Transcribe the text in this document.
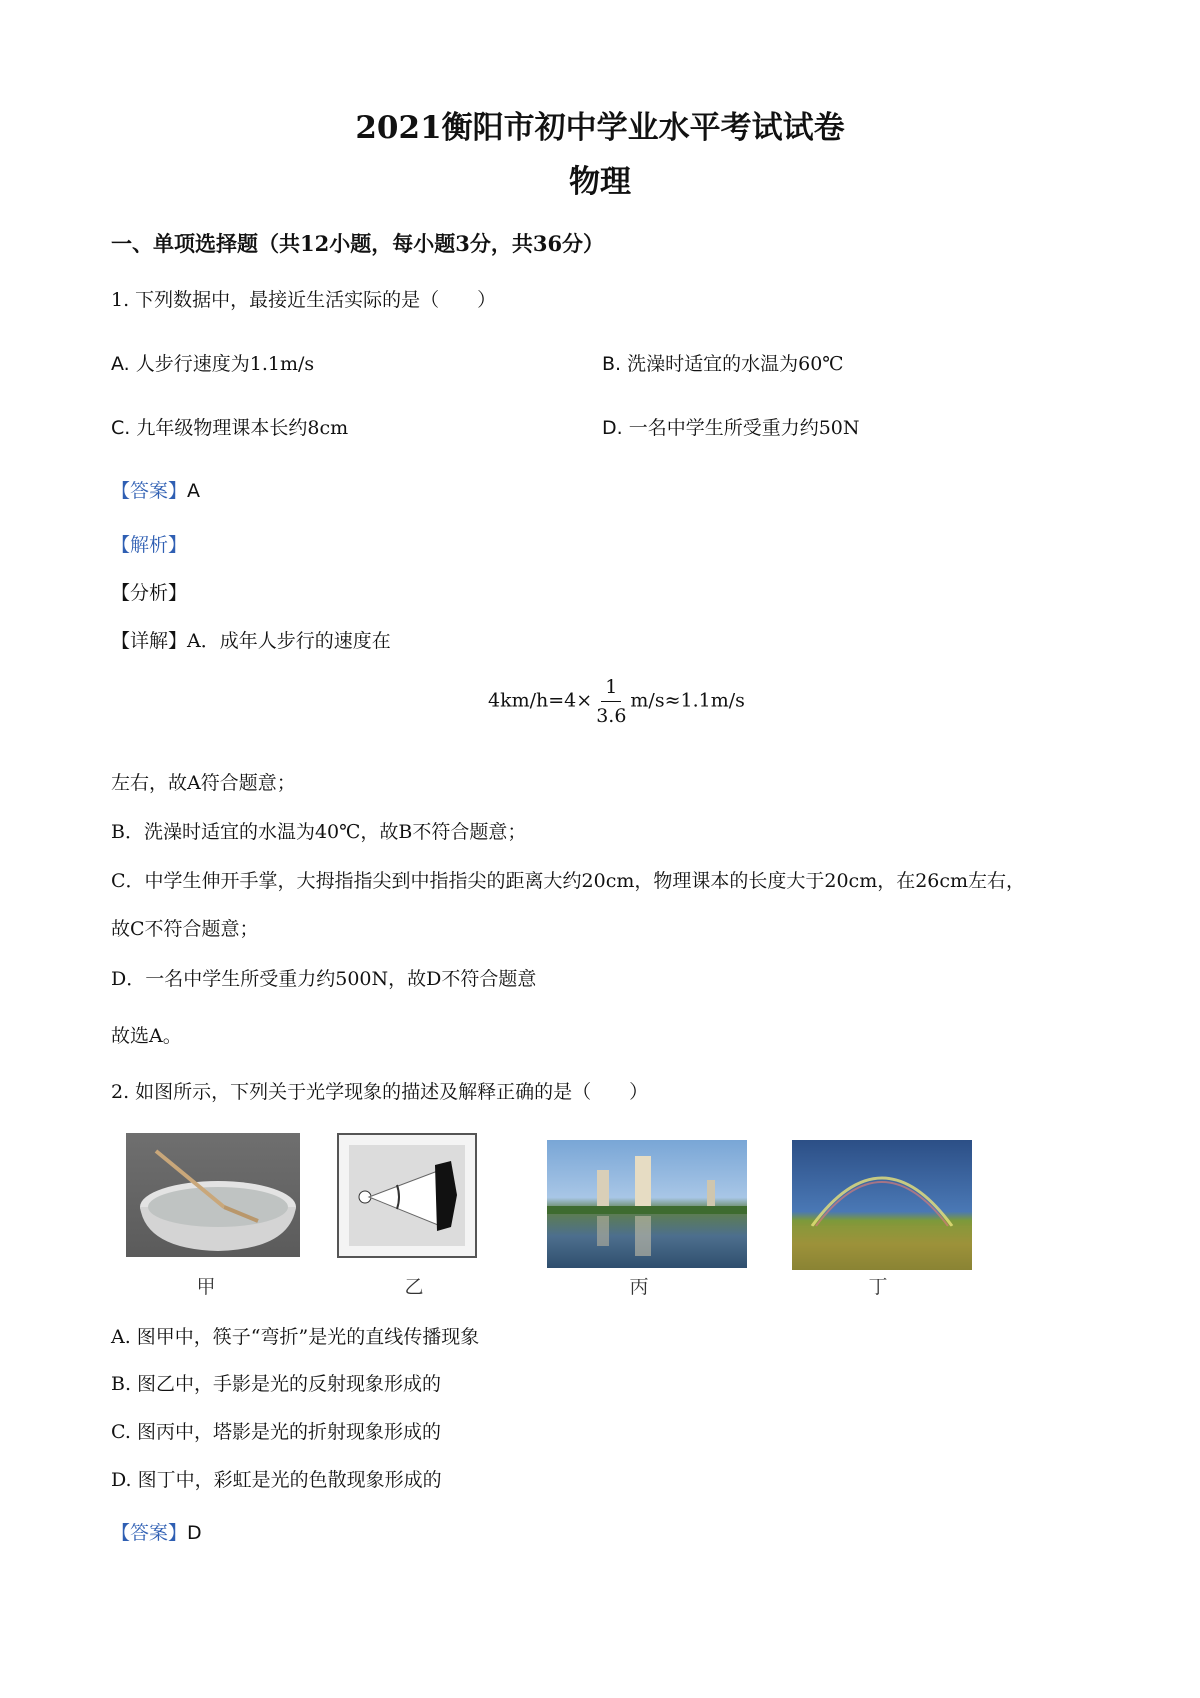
2021衡阳市初中学业水平考试试卷
物理
一、单项选择题（共12小题，每小题3分，共36分）
1. 下列数据中，最接近生活实际的是（　　）
A. 人步行速度为1.1m/s	B. 洗澡时适宜的水温为60℃
C. 九年级物理课本长约8cm	D. 一名中学生所受重力约50N
【答案】A
【解析】
【分析】
【详解】A．成年人步行的速度在
$4km/h=4\times \frac{1}{3.6} m/s\approx 1.1m/s$
左右，故A符合题意；
B．洗澡时适宜的水温为40℃，故B不符合题意；
C．中学生伸开手掌，大拇指指尖到中指指尖的距离大约20cm，物理课本的长度大于20cm，在26cm左右，
故C不符合题意；
D．一名中学生所受重力约500N，故D不符合题意
故选A。
2. 如图所示，下列关于光学现象的描述及解释正确的是（　　）
甲	乙	丙	丁
A. 图甲中，筷子“弯折”是光的直线传播现象
B. 图乙中，手影是光的反射现象形成的
C. 图丙中，塔影是光的折射现象形成的
D. 图丁中，彩虹是光的色散现象形成的
【答案】D
